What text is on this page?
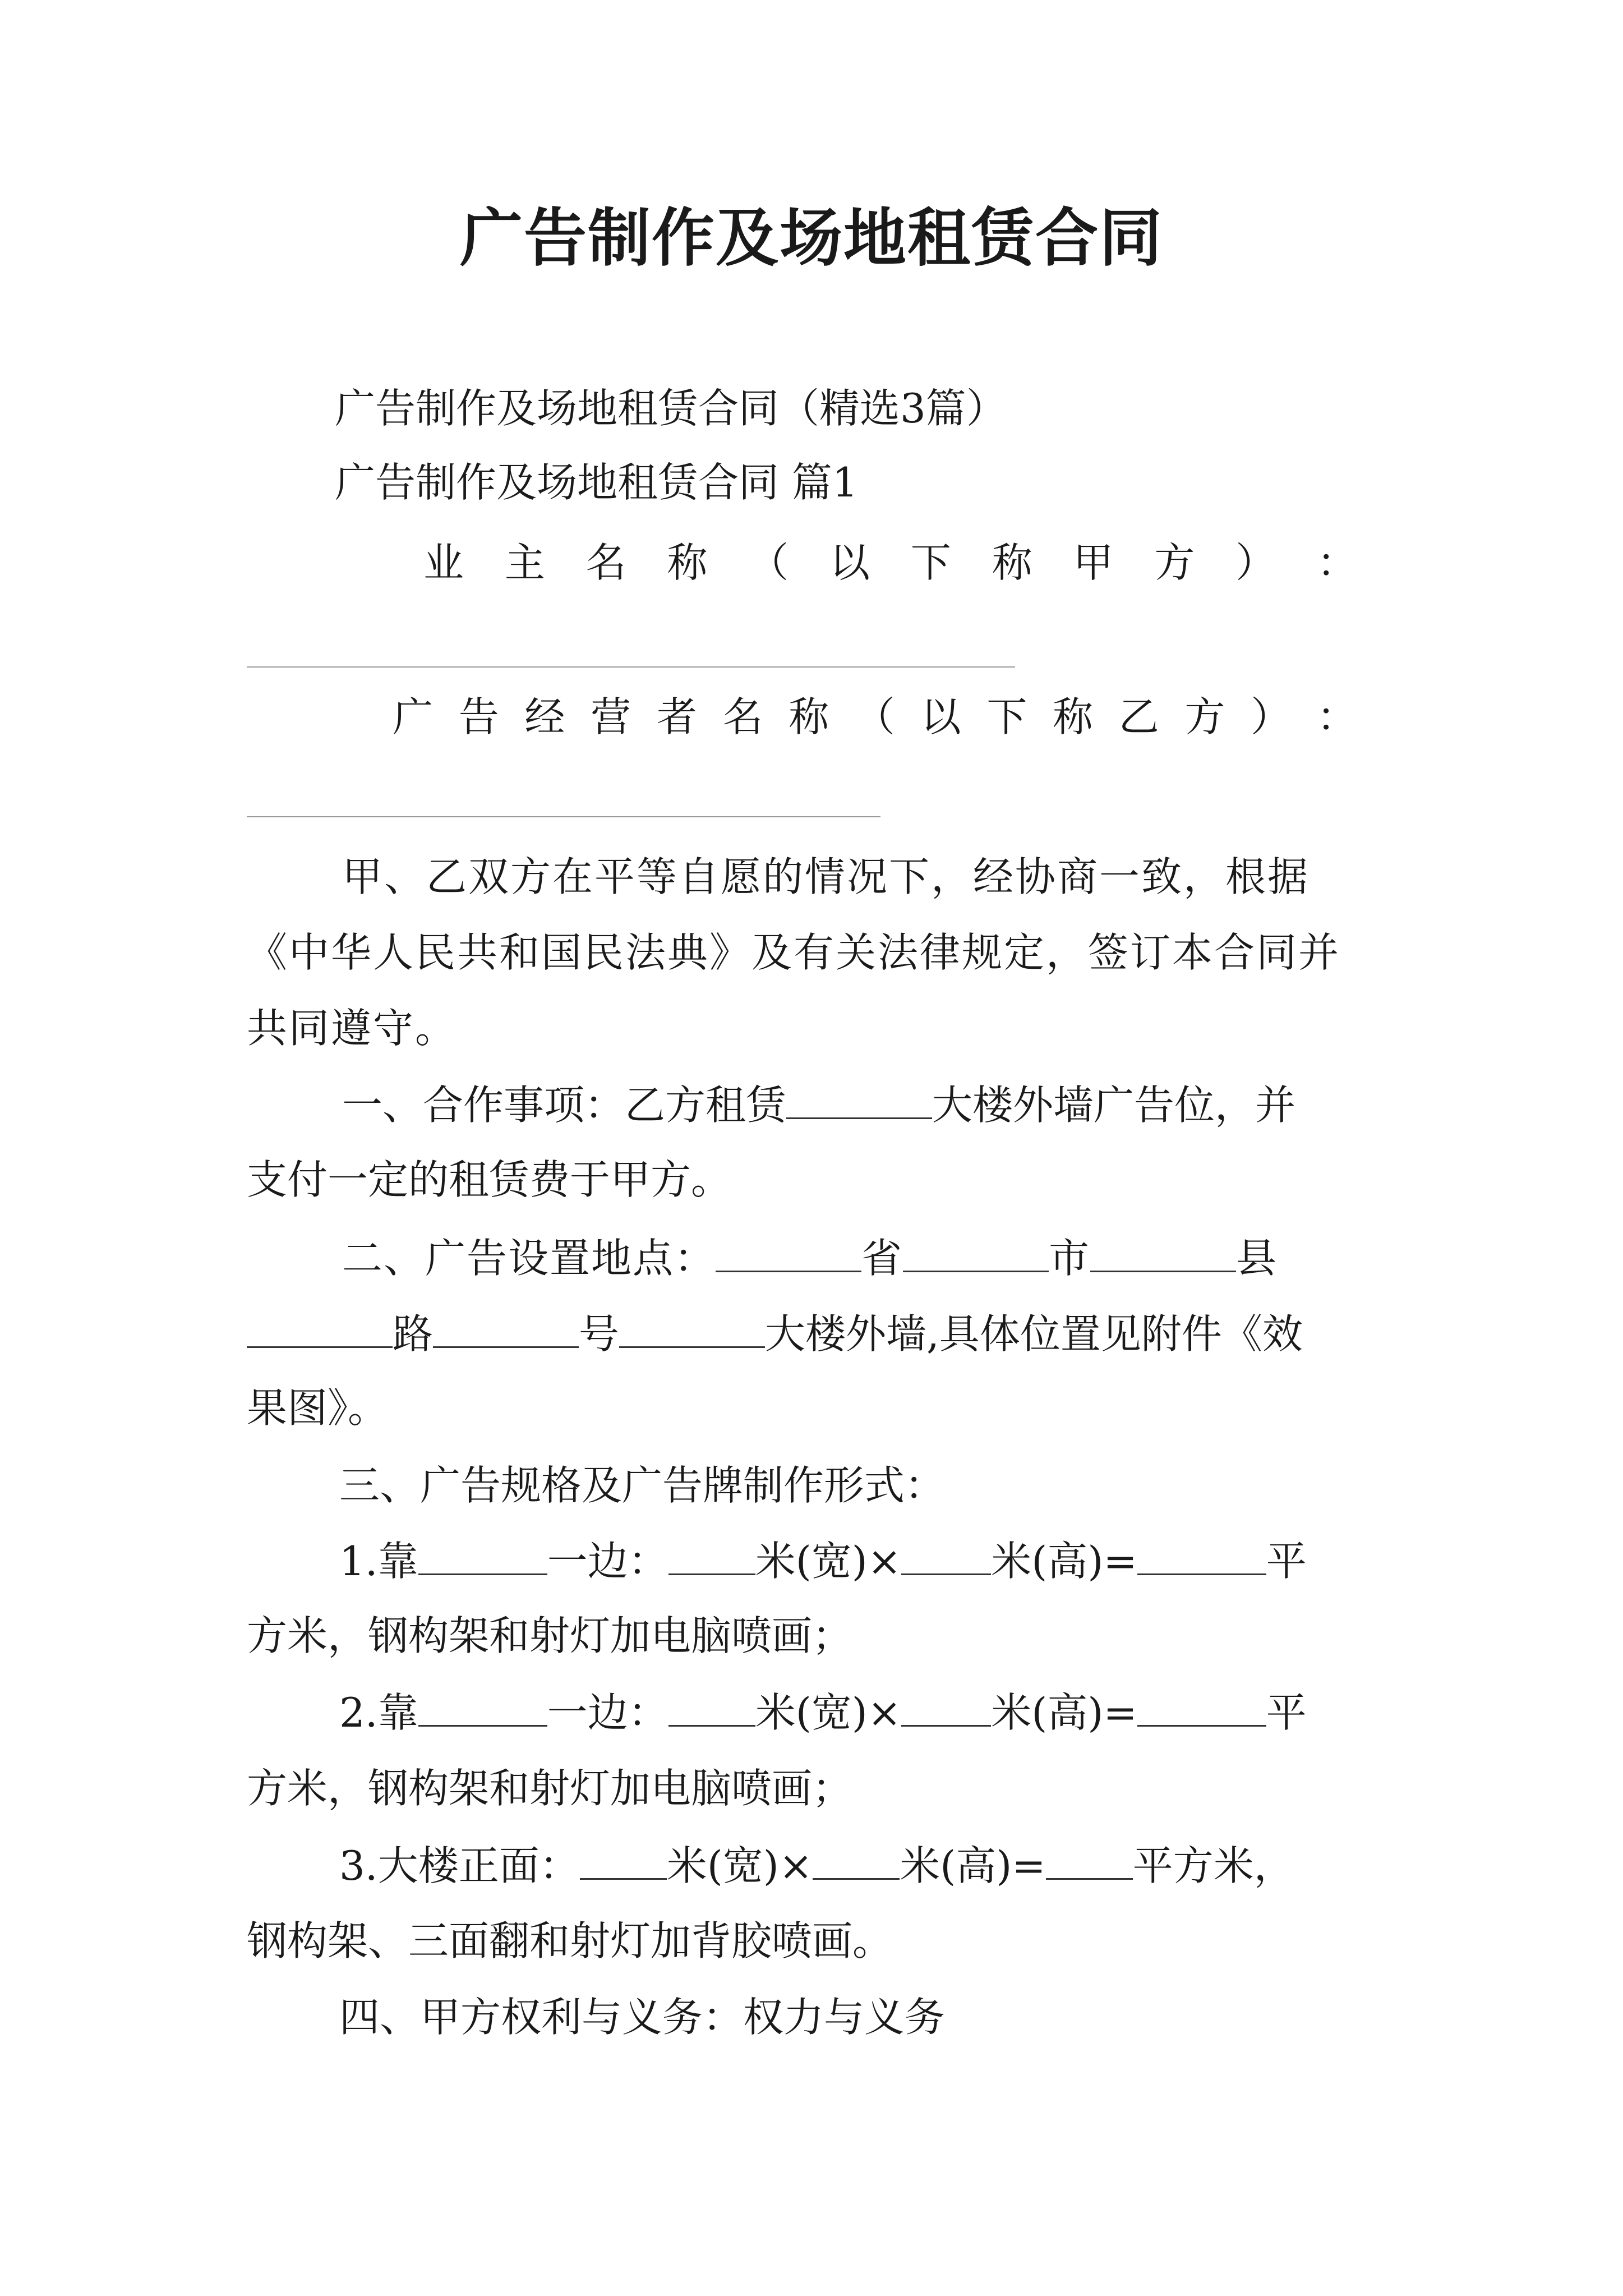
广告制作及场地租赁合同
广告制作及场地租赁合同（精选3篇）
广告制作及场地租赁合同 篇1
业 主 名 称 （ 以 下 称 甲 方 ） ：
广 告 经 营 者 名 称 （ 以 下 称 乙 方 ） ：
甲、乙双方在平等自愿的情况下，经协商一致，根据
《中华人民共和国民法典》及有关法律规定，签订本合同并
共同遵守。
一、合作事项：乙方租赁	大楼外墙广告位，并
支付一定的租赁费于甲方。
二、广告设置地点：	省	市	县
路	号	大楼外墙,具体位置见附件《效
果图》。
三、广告规格及广告牌制作形式：
1.靠	一边： 米(宽)× 米(高)=	平
方米，钢构架和射灯加电脑喷画；
2.靠	一边： 米(宽)× 米(高)=	平
方米，钢构架和射灯加电脑喷画；
3.大楼正面： 米(宽)× 米(高)= 平方米，
钢构架、三面翻和射灯加背胶喷画。
四、甲方权利与义务：权力与义务
